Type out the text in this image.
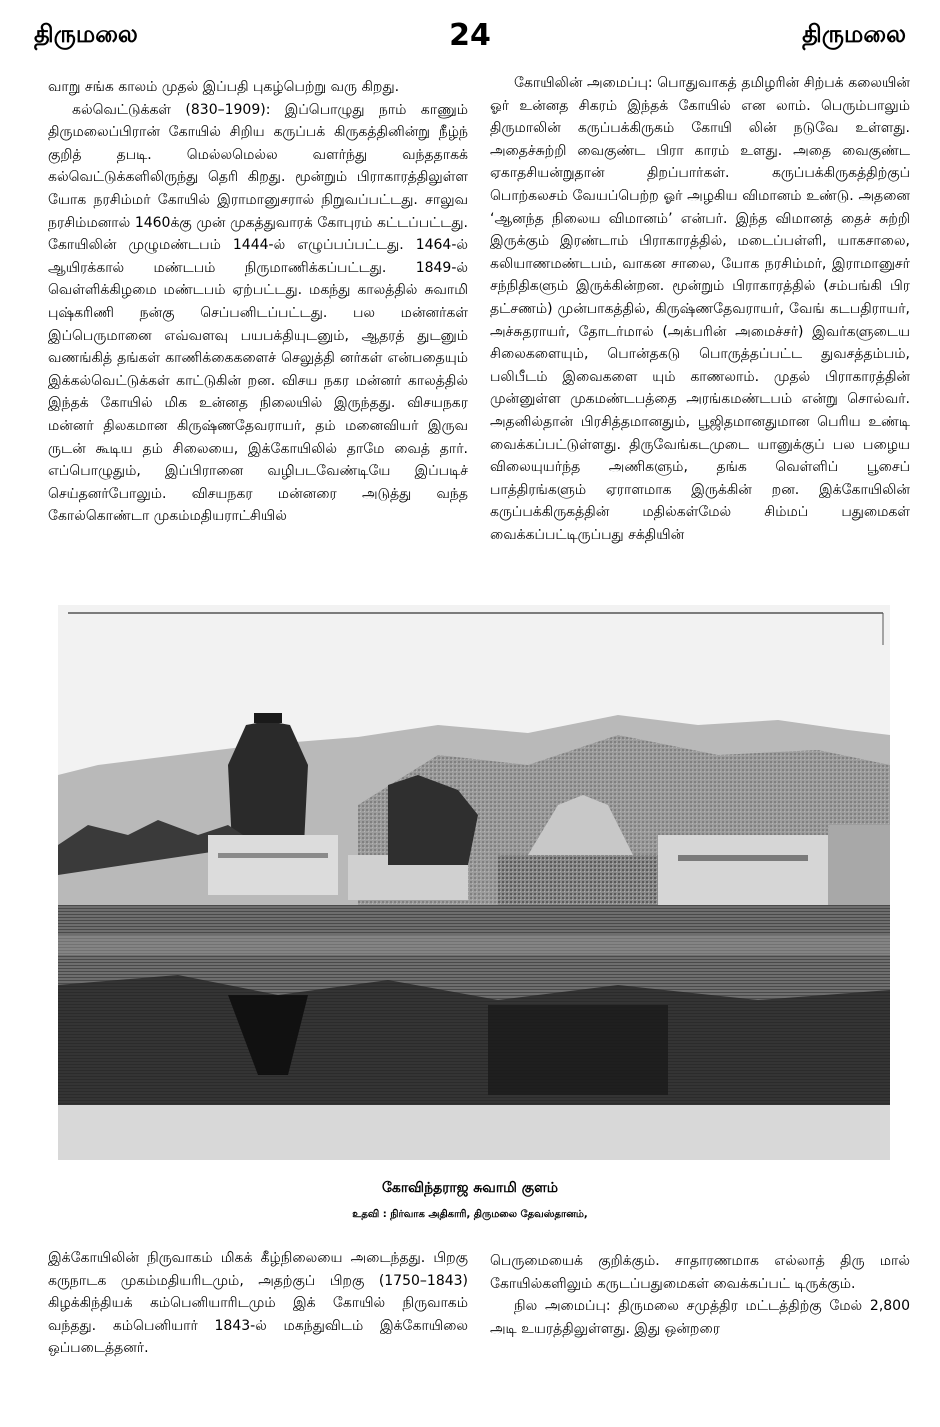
திருமலை	24	திருமலை

வாறு சங்க காலம் முதல் இப்பதி புகழ்பெற்று வரு கிறது.

கல்வெட்டுக்கள் (830–1909): இப்பொழுது நாம் காணும் திருமலைப்பிரான் கோயில் சிறிய கருப்பக் கிருகத்தினின்று நீழ்ந் குறித் தபடி. மெல்லமெல்ல வளர்ந்து வந்ததாகக் கல்வெட்டுக்களிலிருந்து தெரி கிறது. மூன்றும் பிராகாரத்திலுள்ள யோக நரசிம்மர் கோயில் இராமானுசரால் நிறுவப்பட்டது. சாலுவ நரசிம்மனால் 1460க்கு முன் முகத்துவாரக் கோபுரம் கட்டப்பட்டது. கோயிலின் முழுமண்டபம் 1444-ல் எழுப்பப்பட்டது. 1464-ல் ஆயிரக்கால் மண்டபம் நிருமாணிக்கப்பட்டது. 1849-ல் வெள்ளிக்கிழமை மண்டபம் ஏற்பட்டது. மகந்து காலத்தில் சுவாமி புஷ்கரிணி நன்கு செப்பனிடப்பட்டது. பல மன்னர்கள் இப்பெருமானை எவ்வளவு பயபக்தியுடனும், ஆதரத் துடனும் வணங்கித் தங்கள் காணிக்கைகளைச் செலுத்தி னர்கள் என்பதையும் இக்கல்வெட்டுக்கள் காட்டுகின் றன. விசய நகர மன்னர் காலத்தில் இந்தக் கோயில் மிக உன்னத நிலையில் இருந்தது. விசயநகர மன்னர் திலகமான கிருஷ்ணதேவராயர், தம் மனைவியர் இருவ ருடன் கூடிய தம் சிலையை, இக்கோயிலில் தாமே வைத் தார். எப்பொழுதும், இப்பிரானை வழிபடவேண்டியே இப்படிச் செய்தனர்போலும். விசயநகர மன்னரை அடுத்து வந்த கோல்கொண்டா முகம்மதியராட்சியில்

கோயிலின் அமைப்பு: பொதுவாகத் தமிழரின் சிற்பக் கலையின் ஓர் உன்னத சிகரம் இந்தக் கோயில் என லாம். பெரும்பாலும் திருமாலின் கருப்பக்கிருகம் கோயி லின் நடுவே உள்ளது. அதைச்சுற்றி வைகுண்ட பிரா காரம் உளது. அதை வைகுண்ட ஏகாதசியன்றுதான் திறப்பார்கள். கருப்பக்கிருகத்திற்குப் பொற்கலசம் வேயப்பெற்ற ஓர் அழகிய விமானம் உண்டு. அதனை ‘ஆனந்த நிலைய விமானம்’ என்பர். இந்த விமானத் தைச் சுற்றி இருக்கும் இரண்டாம் பிராகாரத்தில், மடைப்பள்ளி, யாகசாலை, கலியாணமண்டபம், வாகன சாலை, யோக நரசிம்மர், இராமானுசர் சந்நிதிகளும் இருக்கின்றன. மூன்றும் பிராகாரத்தில் (சம்பங்கி பிர தட்சணம்) முன்பாகத்தில், கிருஷ்ணதேவராயர், வேங் கடபதிராயர், அச்சுதராயர், தோடர்மால் (அக்பரின் அமைச்சர்) இவர்களுடைய சிலைகளையும், பொன்தகடு பொருத்தப்பட்ட துவசத்தம்பம், பலிபீடம் இவைகளை யும் காணலாம். முதல் பிராகாரத்தின் முன்னுள்ள முகமண்டபத்தை அரங்கமண்டபம் என்று சொல்வர். அதனில்தான் பிரசித்தமானதும், பூஜிதமானதுமான பெரிய உண்டி வைக்கப்பட்டுள்ளது. திருவேங்கடமுடை யானுக்குப் பல பழைய விலையுயர்ந்த அணிகளும், தங்க வெள்ளிப் பூசைப் பாத்திரங்களும் ஏராளமாக இருக்கின் றன. இக்கோயிலின் கருப்பக்கிருகத்தின் மதில்கள்மேல் சிம்மப் பதுமைகள் வைக்கப்பட்டிருப்பது சக்தியின்

கோவிந்தராஜ சுவாமி குளம்
உதவி : நிர்வாக அதிகாரி, திருமலை தேவஸ்தானம்,

இக்கோயிலின் நிருவாகம் மிகக் கீழ்நிலையை அடைந்தது. பிறகு கருநாடக முகம்மதியரிடமும், அதற்குப் பிறகு (1750–1843) கிழக்கிந்தியக் கம்பெனியாரிடமும் இக் கோயில் நிருவாகம் வந்தது. கம்பெனியார் 1843-ல் மகந்துவிடம் இக்கோயிலை ஒப்படைத்தனர்.

பெருமையைக் குறிக்கும். சாதாரணமாக எல்லாத் திரு மால் கோயில்களிலும் கருடப்பதுமைகள் வைக்கப்பட் டிருக்கும்.

நில அமைப்பு: திருமலை சமுத்திர மட்டத்திற்கு மேல் 2,800 அடி உயரத்திலுள்ளது. இது ஒன்றரை
